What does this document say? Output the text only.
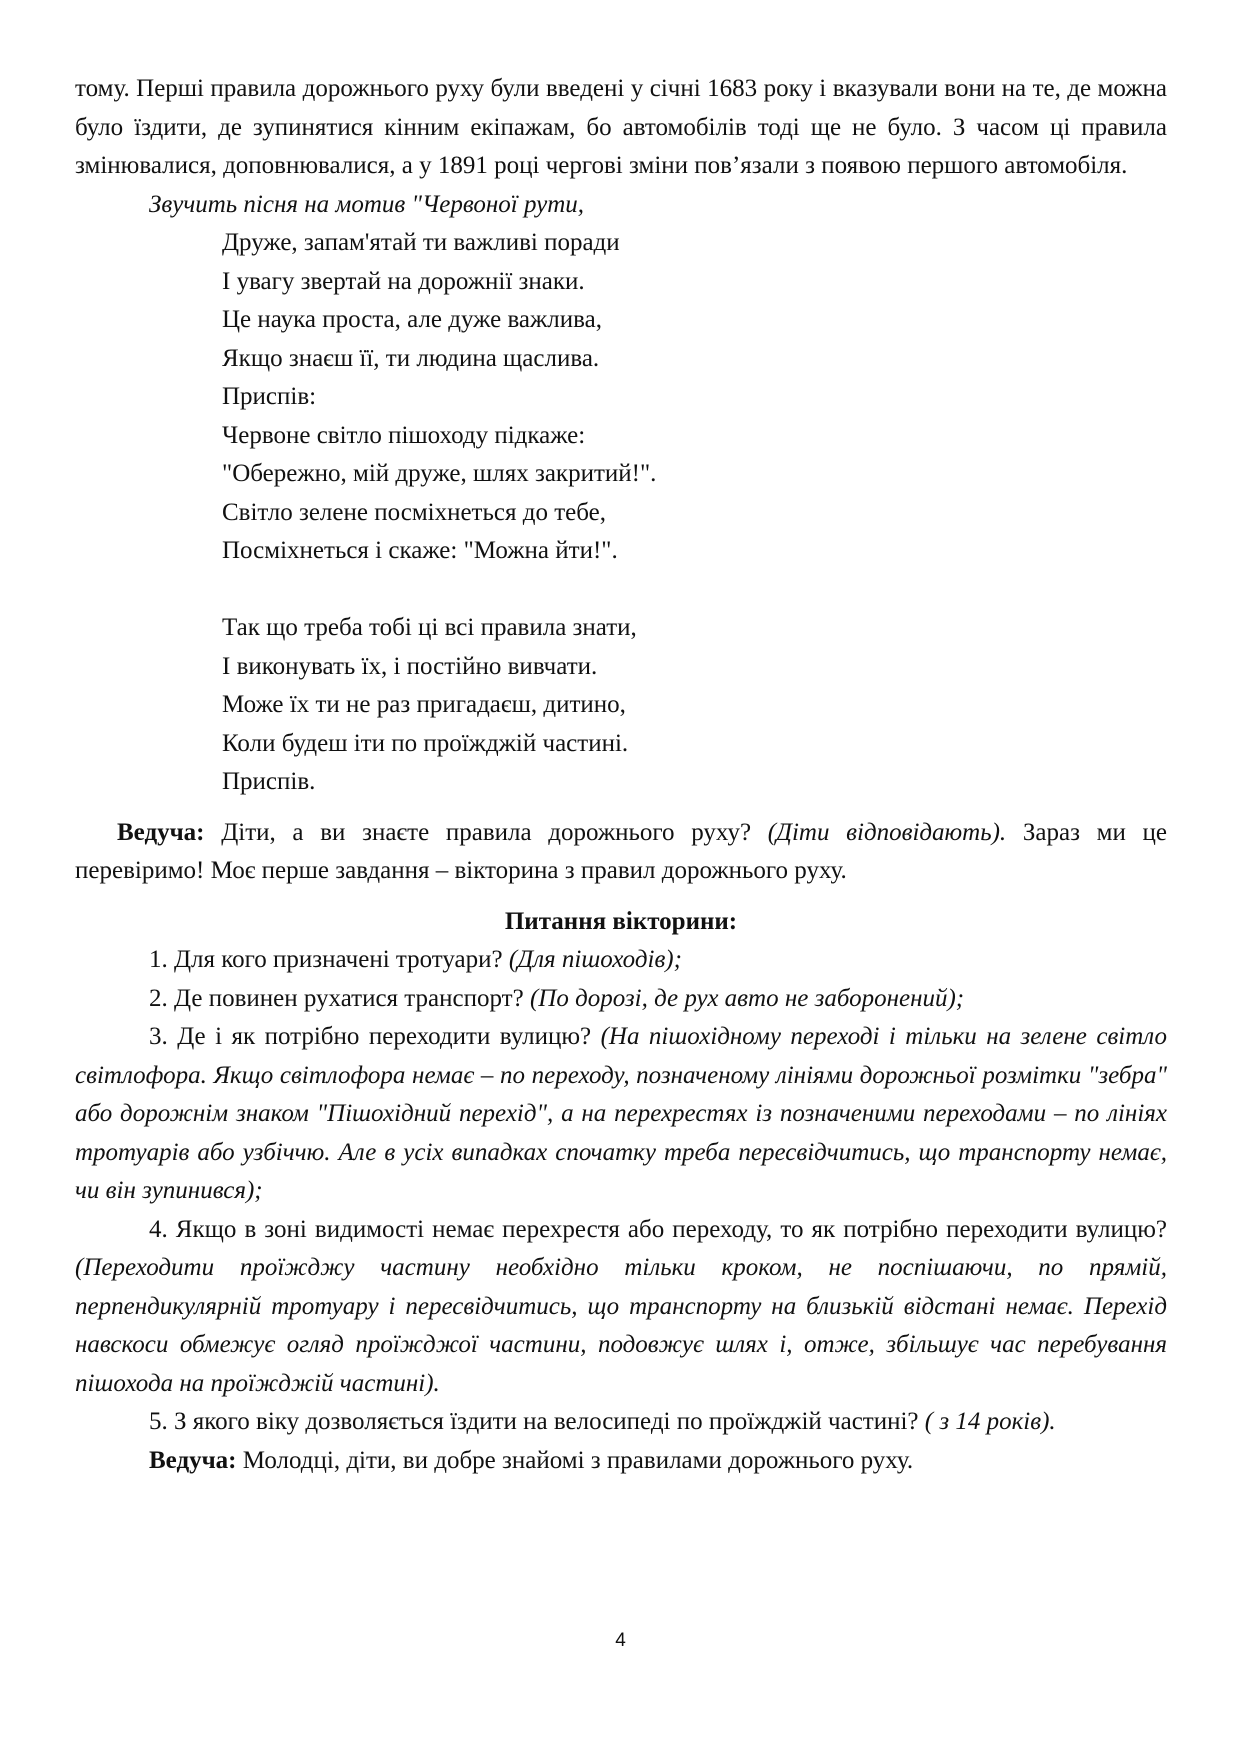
тому. Перші правила дорожнього руху були введені у січні 1683 року і вказували вони на те, де можна було їздити, де зупинятися кінним екіпажам, бо автомобілів тоді ще не було. З часом ці правила змінювалися, доповнювалися, а у 1891 році чергові зміни пов’язали з появою першого автомобіля.

Звучить пісня на мотив "Червоної рути,

Друже, запам'ятай ти важливі поради
І увагу звертай на дорожнії знаки.
Це наука проста, але дуже важлива,
Якщо знаєш її, ти людина щаслива.
Приспів:
Червоне світло пішоходу підкаже:
"Обережно, мій друже, шлях закритий!".
Світло зелене посміхнеться до тебе,
Посміхнеться і скаже: "Можна йти!".
Так що треба тобі ці всі правила знати,
І виконувать їх, і постійно вивчати.
Може їх ти не раз пригадаєш, дитино,
Коли будеш іти по проїжджій частині.
Приспів.

Ведуча: Діти, а ви знаєте правила дорожнього руху? (Діти відповідають). Зараз ми це перевіримо! Моє перше завдання – вікторина з правил дорожнього руху.

Питання вікторини:

1. Для кого призначені тротуари? (Для пішоходів);

2. Де повинен рухатися транспорт? (По дорозі, де рух авто не заборонений);

3. Де і як потрібно переходити вулицю? (На пішохідному переході і тільки на зелене світло світлофора. Якщо світлофора немає – по переходу, позначеному лініями дорожньої розмітки "зебра" або дорожнім знаком "Пішохідний перехід", а на перехрестях із позначеними переходами – по лініях тротуарів або узбіччю. Але в усіх випадках спочатку треба пересвідчитись, що транспорту немає, чи він зупинився);

4. Якщо в зоні видимості немає перехрестя або переходу, то як потрібно переходити вулицю?(Переходити проїжджу частину необхідно тільки кроком, не поспішаючи, по прямій, перпендикулярній тротуару і пересвідчитись, що транспорту на близькій відстані немає. Перехід навскоси обмежує огляд проїжджої частини, подовжує шлях і, отже, збільшує час перебування пішохода на проїжджій частині).

5. З якого віку дозволяється їздити на велосипеді по проїжджій частині? ( з 14 років).

Ведуча: Молодці, діти, ви добре знайомі з правилами дорожнього руху.

4
